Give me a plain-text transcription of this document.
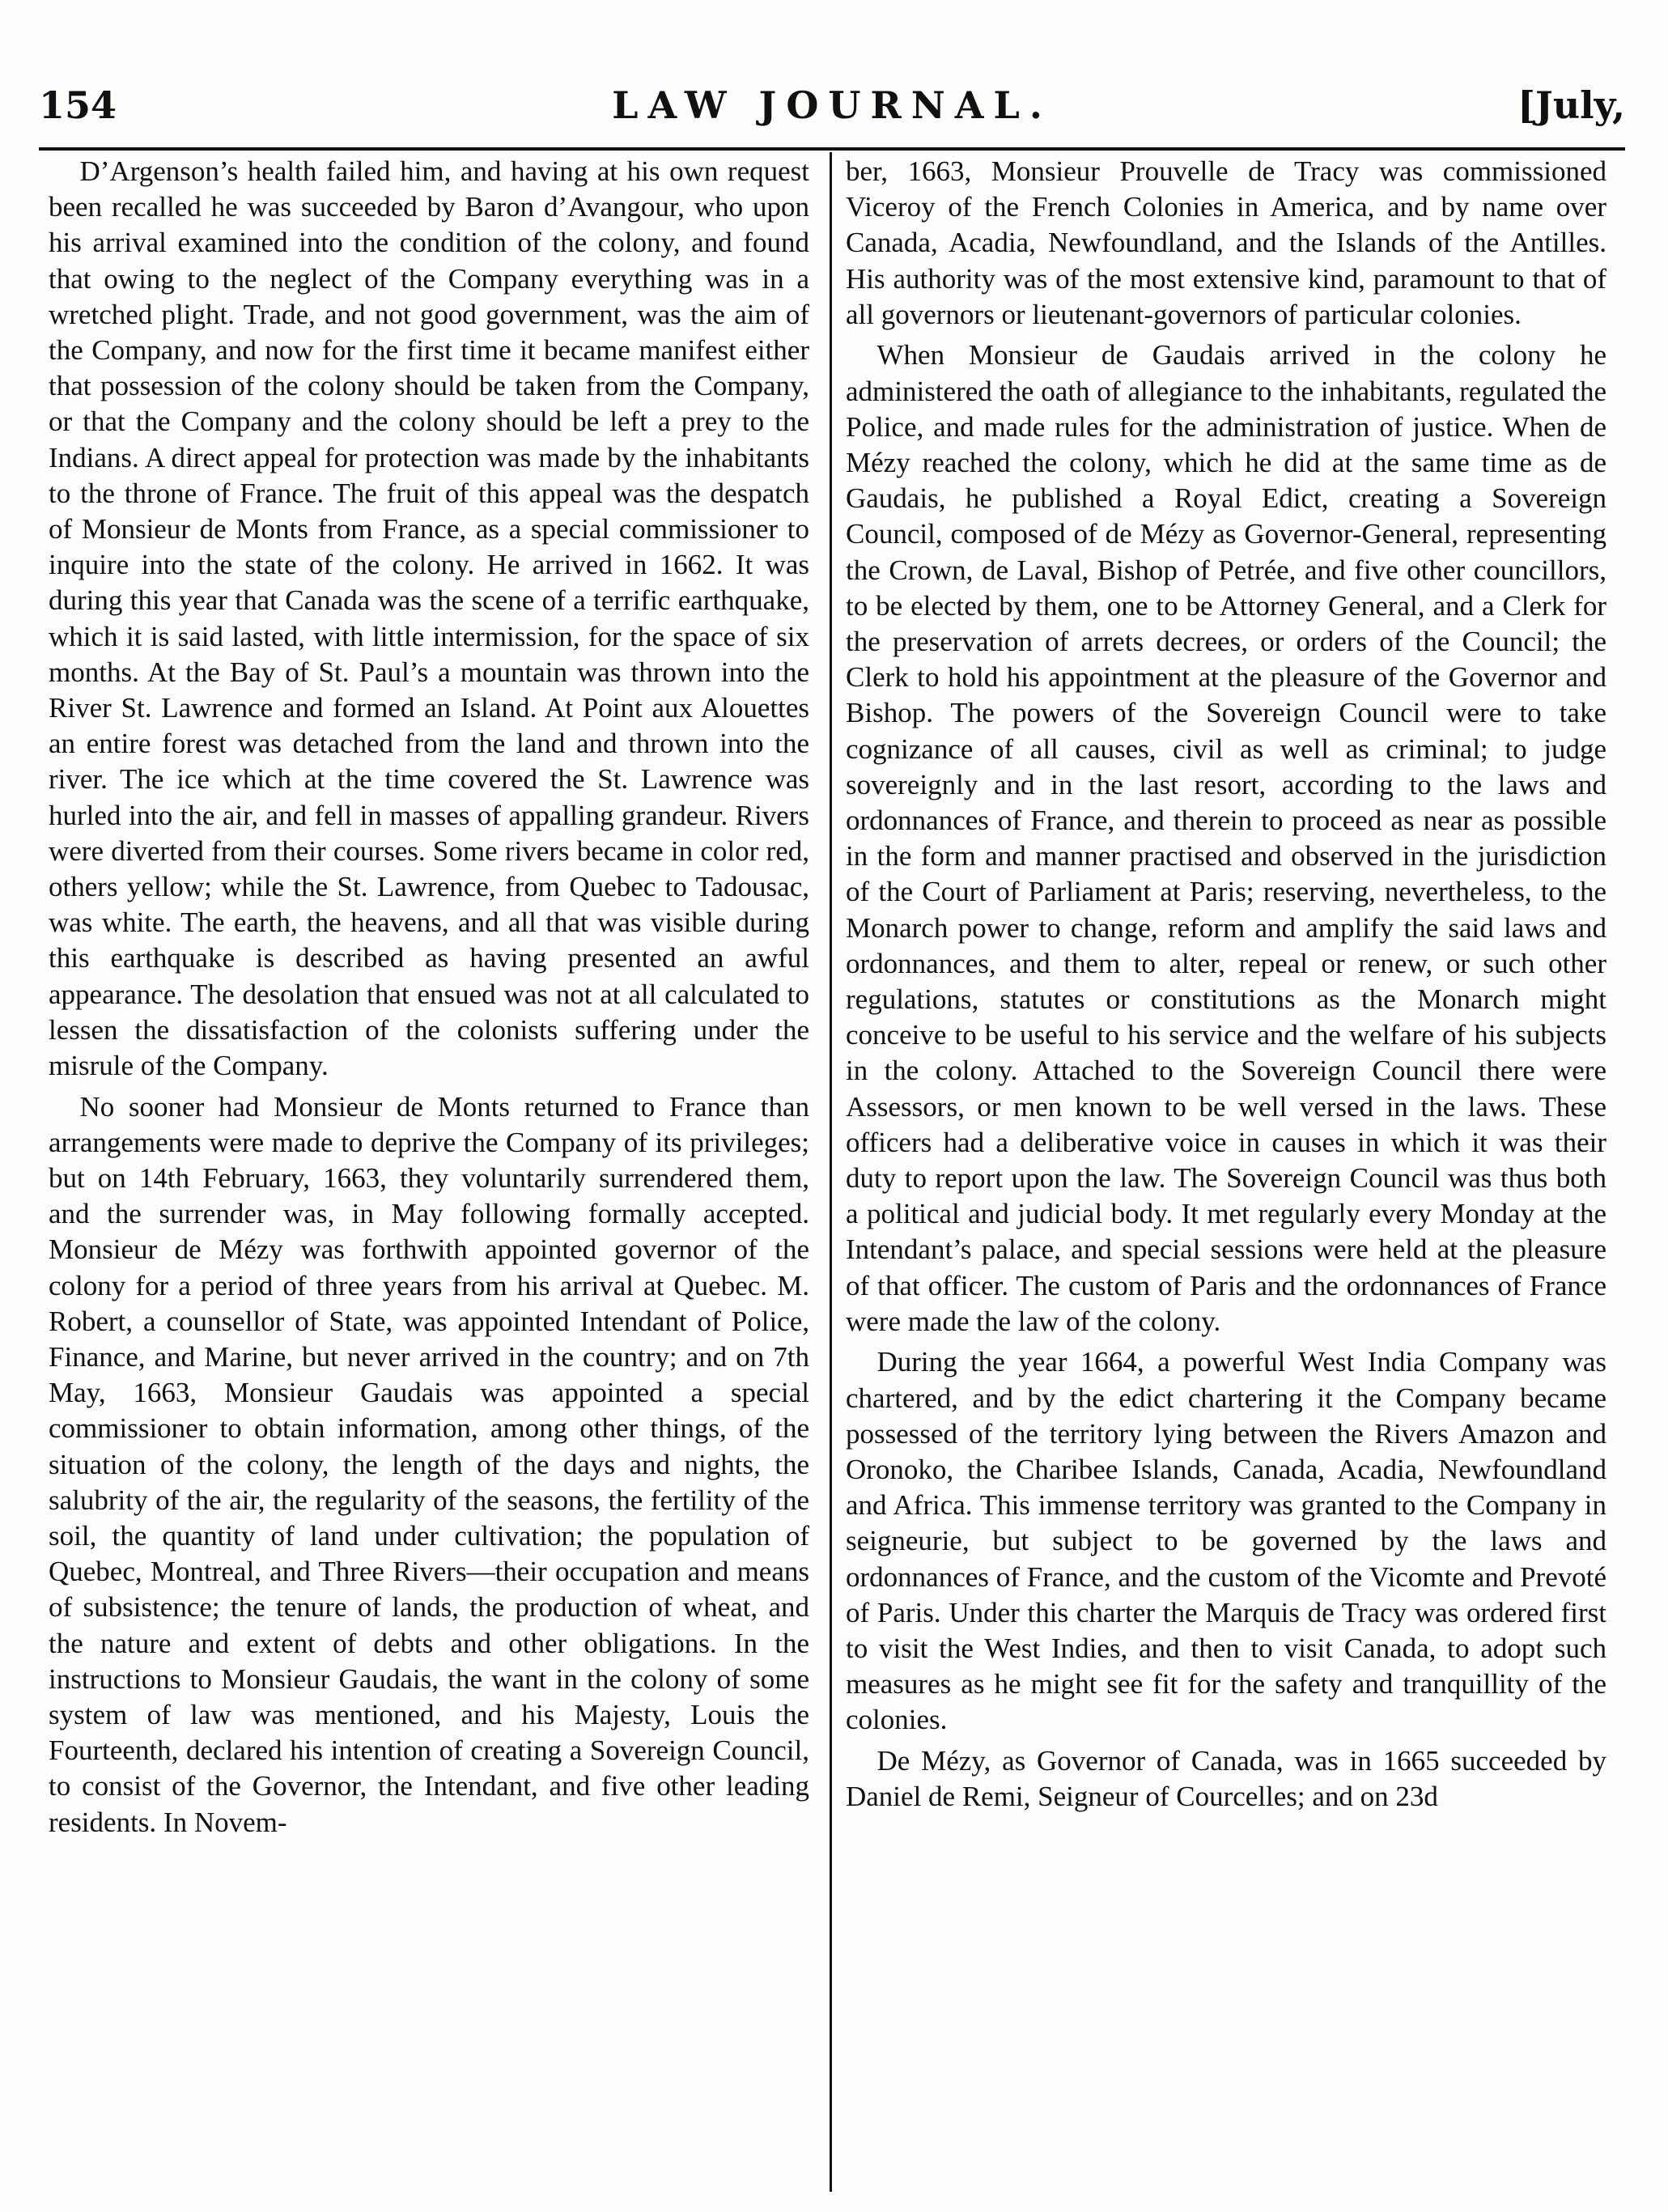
LAW JOURNAL.
154	[July,

D’Argenson’s health failed him, and having at his own request been recalled he was succeeded by Baron d’Avangour, who upon his arrival examined into the condition of the colony, and found that owing to the neglect of the Company everything was in a wretched plight. Trade, and not good government, was the aim of the Company, and now for the first time it became manifest either that possession of the colony should be taken from the Company, or that the Company and the colony should be left a prey to the Indians. A direct appeal for protection was made by the inhabitants to the throne of France. The fruit of this appeal was the despatch of Monsieur de Monts from France, as a special commissioner to inquire into the state of the colony. He arrived in 1662. It was during this year that Canada was the scene of a terrific earthquake, which it is said lasted, with little intermission, for the space of six months. At the Bay of St. Paul’s a mountain was thrown into the River St. Lawrence and formed an Island. At Point aux Alouettes an entire forest was detached from the land and thrown into the river. The ice which at the time covered the St. Lawrence was hurled into the air, and fell in masses of appalling grandeur. Rivers were diverted from their courses. Some rivers became in color red, others yellow; while the St. Lawrence, from Quebec to Tadousac, was white. The earth, the heavens, and all that was visible during this earthquake is described as having presented an awful appearance. The desolation that ensued was not at all calculated to lessen the dissatisfaction of the colonists suffering under the misrule of the Company.

No sooner had Monsieur de Monts returned to France than arrangements were made to deprive the Company of its privileges; but on 14th February, 1663, they voluntarily surrendered them, and the surrender was, in May following formally accepted. Monsieur de Mézy was forthwith appointed governor of the colony for a period of three years from his arrival at Quebec. M. Robert, a counsellor of State, was appointed Intendant of Police, Finance, and Marine, but never arrived in the country; and on 7th May, 1663, Monsieur Gaudais was appointed a special commissioner to obtain information, among other things, of the situation of the colony, the length of the days and nights, the salubrity of the air, the regularity of the seasons, the fertility of the soil, the quantity of land under cultivation; the population of Quebec, Montreal, and Three Rivers—their occupation and means of subsistence; the tenure of lands, the production of wheat, and the nature and extent of debts and other obligations. In the instructions to Monsieur Gaudais, the want in the colony of some system of law was mentioned, and his Majesty, Louis the Fourteenth, declared his intention of creating a Sovereign Council, to consist of the Governor, the Intendant, and five other leading residents. In Novem-

ber, 1663, Monsieur Prouvelle de Tracy was commissioned Viceroy of the French Colonies in America, and by name over Canada, Acadia, Newfoundland, and the Islands of the Antilles. His authority was of the most extensive kind, paramount to that of all governors or lieutenant-governors of particular colonies.

When Monsieur de Gaudais arrived in the colony he administered the oath of allegiance to the inhabitants, regulated the Police, and made rules for the administration of justice. When de Mézy reached the colony, which he did at the same time as de Gaudais, he published a Royal Edict, creating a Sovereign Council, composed of de Mézy as Governor-General, representing the Crown, de Laval, Bishop of Petrée, and five other councillors, to be elected by them, one to be Attorney General, and a Clerk for the preservation of arrets decrees, or orders of the Council; the Clerk to hold his appointment at the pleasure of the Governor and Bishop. The powers of the Sovereign Council were to take cognizance of all causes, civil as well as criminal; to judge sovereignly and in the last resort, according to the laws and ordonnances of France, and therein to proceed as near as possible in the form and manner practised and observed in the jurisdiction of the Court of Parliament at Paris; reserving, nevertheless, to the Monarch power to change, reform and amplify the said laws and ordonnances, and them to alter, repeal or renew, or such other regulations, statutes or constitutions as the Monarch might conceive to be useful to his service and the welfare of his subjects in the colony. Attached to the Sovereign Council there were Assessors, or men known to be well versed in the laws. These officers had a deliberative voice in causes in which it was their duty to report upon the law. The Sovereign Council was thus both a political and judicial body. It met regularly every Monday at the Intendant’s palace, and special sessions were held at the pleasure of that officer. The custom of Paris and the ordonnances of France were made the law of the colony.

During the year 1664, a powerful West India Company was chartered, and by the edict chartering it the Company became possessed of the territory lying between the Rivers Amazon and Oronoko, the Charibee Islands, Canada, Acadia, Newfoundland and Africa. This immense territory was granted to the Company in seigneurie, but subject to be governed by the laws and ordonnances of France, and the custom of the Vicomte and Prevoté of Paris. Under this charter the Marquis de Tracy was ordered first to visit the West Indies, and then to visit Canada, to adopt such measures as he might see fit for the safety and tranquillity of the colonies.

De Mézy, as Governor of Canada, was in 1665 succeeded by Daniel de Remi, Seigneur of Courcelles; and on 23d
